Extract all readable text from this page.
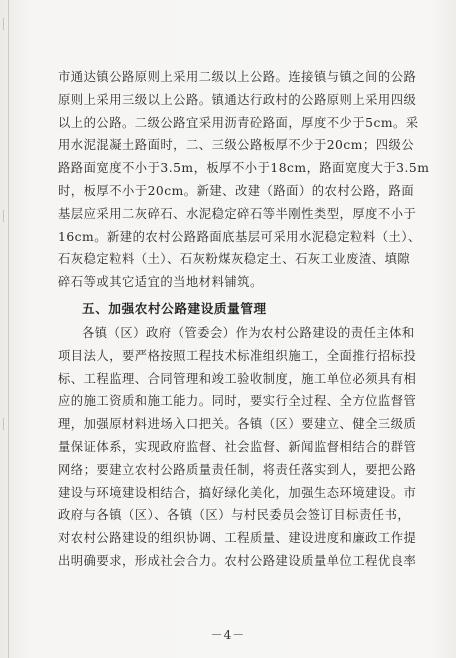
市通达镇公路原则上采用二级以上公路。连接镇与镇之间的公路

原则上采用三级以上公路。镇通达行政村的公路原则上采用四级

以上的公路。二级公路宜采用沥青砼路面，厚度不少于5cm。采

用水泥混凝土路面时，二、三级公路板厚不少于20cm；四级公

路路面宽度不小于3.5m，板厚不小于18cm，路面宽度大于3.5m

时，板厚不小于20cm。新建、改建（路面）的农村公路，路面

基层应采用二灰碎石、水泥稳定碎石等半刚性类型，厚度不小于

16cm。新建的农村公路路面底基层可采用水泥稳定粒料（土）、

石灰稳定粒料（土）、石灰粉煤灰稳定土、石灰工业废渣、填隙

碎石等或其它适宜的当地材料铺筑。

五、加强农村公路建设质量管理

各镇（区）政府（管委会）作为农村公路建设的责任主体和

项目法人，要严格按照工程技术标准组织施工，全面推行招标投

标、工程监理、合同管理和竣工验收制度，施工单位必须具有相

应的施工资质和施工能力。同时，要实行全过程、全方位监督管

理，加强原材料进场入口把关。各镇（区）要建立、健全三级质

量保证体系，实现政府监督、社会监督、新闻监督相结合的群管

网络；要建立农村公路质量责任制，将责任落实到人，要把公路

建设与环境建设相结合，搞好绿化美化，加强生态环境建设。市

政府与各镇（区）、各镇（区）与村民委员会签订目标责任书，

对农村公路建设的组织协调、工程质量、建设进度和廉政工作提

出明确要求，形成社会合力。农村公路建设质量单位工程优良率

－4－
